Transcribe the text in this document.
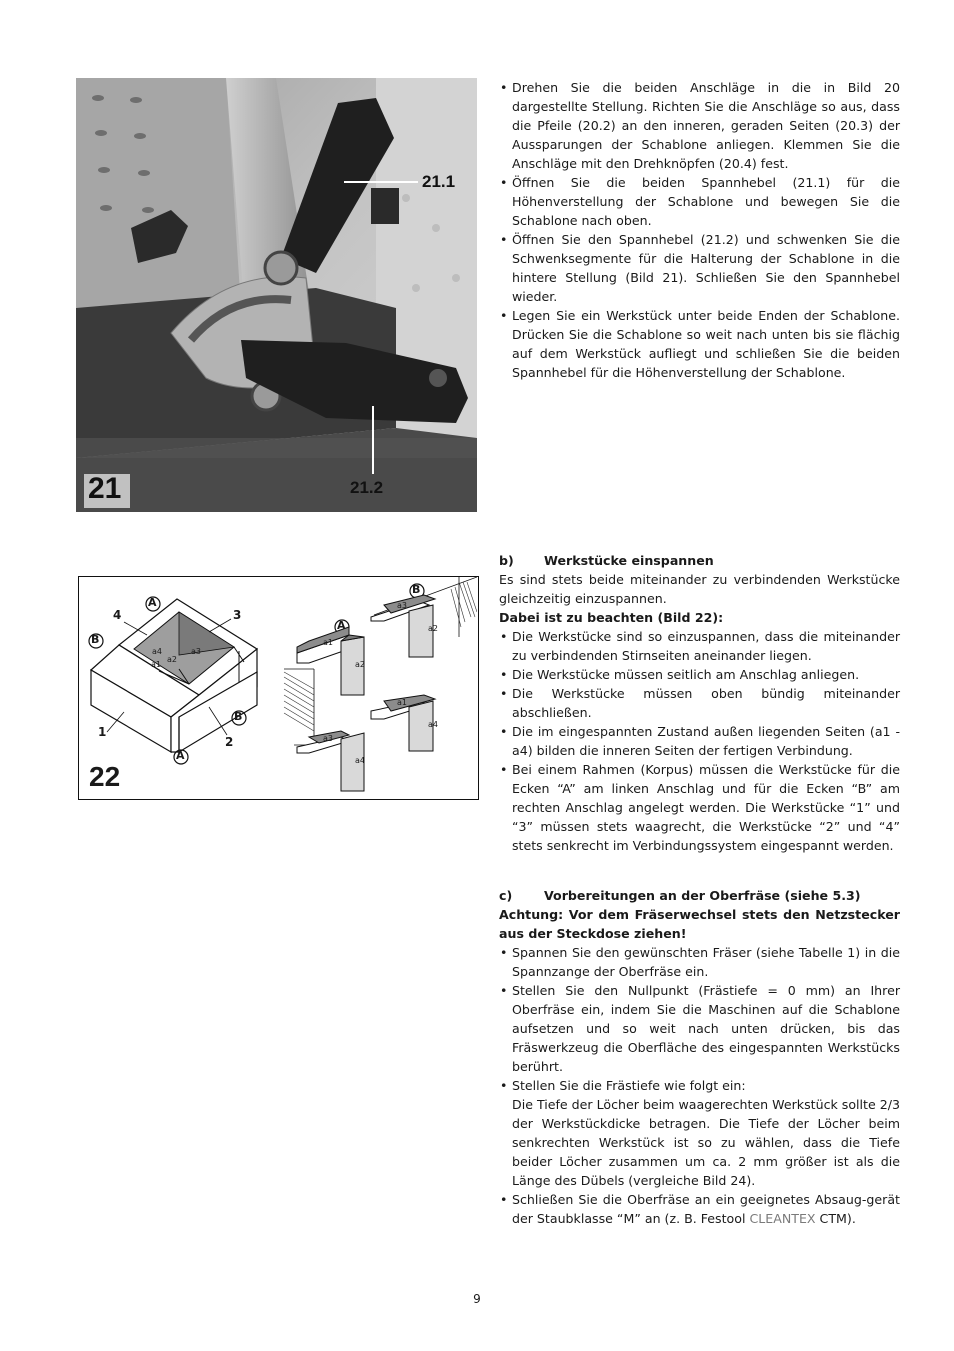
21
21.1
21.2
22
A
B
B
A
A
B
4	3
1
2
a4
a1
a2
a3
a1
a2
a3
a2
a1
a4
a3
a4
• Drehen Sie die beiden Anschläge in die in Bild 20 dargestellte Stellung. Richten Sie die Anschläge so aus, dass die Pfeile (20.2) an den inneren, geraden Seiten (20.3) der Aussparungen der Schablone anliegen. Klemmen Sie die Anschläge mit den Drehknöpfen (20.4) fest.
• Öffnen Sie die beiden Spannhebel (21.1) für die Höhenverstellung der Schablone und bewegen Sie die Schablone nach oben.
• Öffnen Sie den Spannhebel (21.2) und schwenken Sie die Schwenksegmente für die Halterung der Schablone in die hintere Stellung (Bild 21). Schließen Sie den Spannhebel wieder.
• Legen Sie ein Werkstück unter beide Enden der Schablone. Drücken Sie die Schablone so weit nach unten bis sie flächig auf dem Werkstück aufliegt und schließen Sie die beiden Spannhebel für die Höhenverstellung der Schablone.

b) Werkstücke einspannen

Es sind stets beide miteinander zu verbindenden Werkstücke gleichzeitig einzuspannen.

Dabei ist zu beachten (Bild 22):

• Die Werkstücke sind so einzuspannen, dass die miteinander zu verbindenden Stirnseiten aneinander liegen.
• Die Werkstücke müssen seitlich am Anschlag anliegen.
• Die Werkstücke müssen oben bündig miteinander abschließen.
• Die im eingespannten Zustand außen liegenden Seiten (a1 - a4) bilden die inneren Seiten der fertigen Verbindung.
• Bei einem Rahmen (Korpus) müssen die Werkstücke für die Ecken “A” am linken Anschlag und für die Ecken “B” am rechten Anschlag angelegt werden. Die Werkstücke “1” und “3” müssen stets waagrecht, die Werkstücke “2” und “4” stets senkrecht im Verbindungssystem eingespannt werden.

c)	Vorbereitungen an der Oberfräse (siehe 5.3)

Achtung: Vor dem Fräserwechsel stets den Netzstecker aus der Steckdose ziehen!

• Spannen Sie den gewünschten Fräser (siehe Tabelle 1) in die Spannzange der Oberfräse ein.
• Stellen Sie den Nullpunkt (Frästiefe = 0 mm) an Ihrer Oberfräse ein, indem Sie die Maschinen auf die Schablone aufsetzen und so weit nach unten drücken, bis das Fräswerkzeug die Oberfläche des eingespannten Werkstücks berührt.
• Stellen Sie die Frästiefe wie folgt ein:
Die Tiefe der Löcher beim waagerechten Werkstück sollte 2/3 der Werkstückdicke betragen. Die Tiefe der Löcher beim senkrechten Werkstück ist so zu wählen, dass die Tiefe beider Löcher zusammen um ca. 2 mm größer ist als die Länge des Dübels (vergleiche Bild 24).
• Schließen Sie die Oberfräse an ein geeignetes Absaug-gerät der Staubklasse “M” an (z. B. Festool CLEANTEX CTM).
9
